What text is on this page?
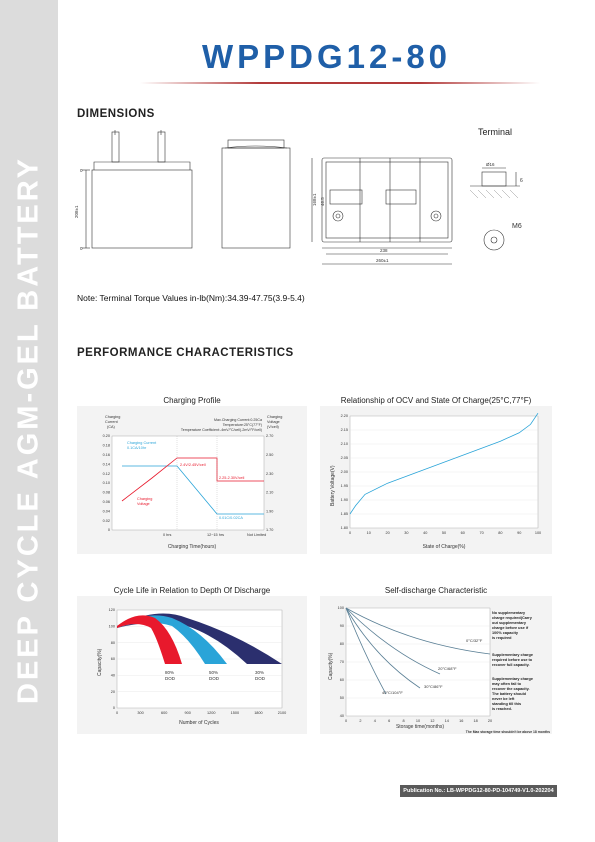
DEEP CYCLE AGM-GEL BATTERY
WPPDG12-80
DIMENSIONS
Terminal
208±1
0
0
168±1 46.5
238
260±1
Ø16
6
M6
Note: Terminal Torque Values in-lb(Nm):34.39-47.75(3.9-5.4)
PERFORMANCE CHARACTERISTICS
Charging Profile
0
0.02
0.04
0.06
0.08
0.10
0.12
0.14
0.16
0.18
0.20
1.70
1.90
2.10
2.30
2.50
2.70
Charging
Current
(CA)
Charging
Voltage
(V/cell)
Max.Charging Current:0.25Ca
Temperature:25°C(77°F)
Temperature Coefficient:-4mV/°C/cell(-2mV/°F/cell)
Charging Current
0.1CA/10hr
Charging
Voltage
2.4V/2.45V/cell
2.25-2.30V/cell
0.01C/0.02CA
0 hrs	12~15 hrs	Not Limited
Charging Time(hours)
Relationship of OCV and State Of Charge(25°C,77°F)
1.80
1.85
1.90
1.95
2.00
2.05
2.10
2.15
2.20
0	10	20	30	40	50	60	70	80	90	100
Battery Voltage(V)
State of Charge(%)
Cycle Life in Relation to Depth Of Discharge
0
20
40
60
80
100
120
0	300	600	900	1200	1500	1800	2100
80%
DOD
50%
DOD
30%
DOD
Capacity(%)
Number of Cycles
Self-discharge Characteristic
40
50
60
70
80
90
100
0	2	4	6	8	10	12	14	16	18	20
0°C/32°F
20°C/68°F
30°C/86°F
40°C/104°F
No supplementary
charge required(Carry
out supplementary
charge before use if
100% capacity
is required
Supplementary charge
required before use to
recover full capacity.
Supplementary charge
may often fail to
recover the capacity.
The battery should
never be left
standing till this
is reached.
Capacity(%)
Storage time(months)
The Max storage time shouldn't be above 18 months
Publication No.: LB-WPPDG12-80-PD-104749-V1.0-202204
